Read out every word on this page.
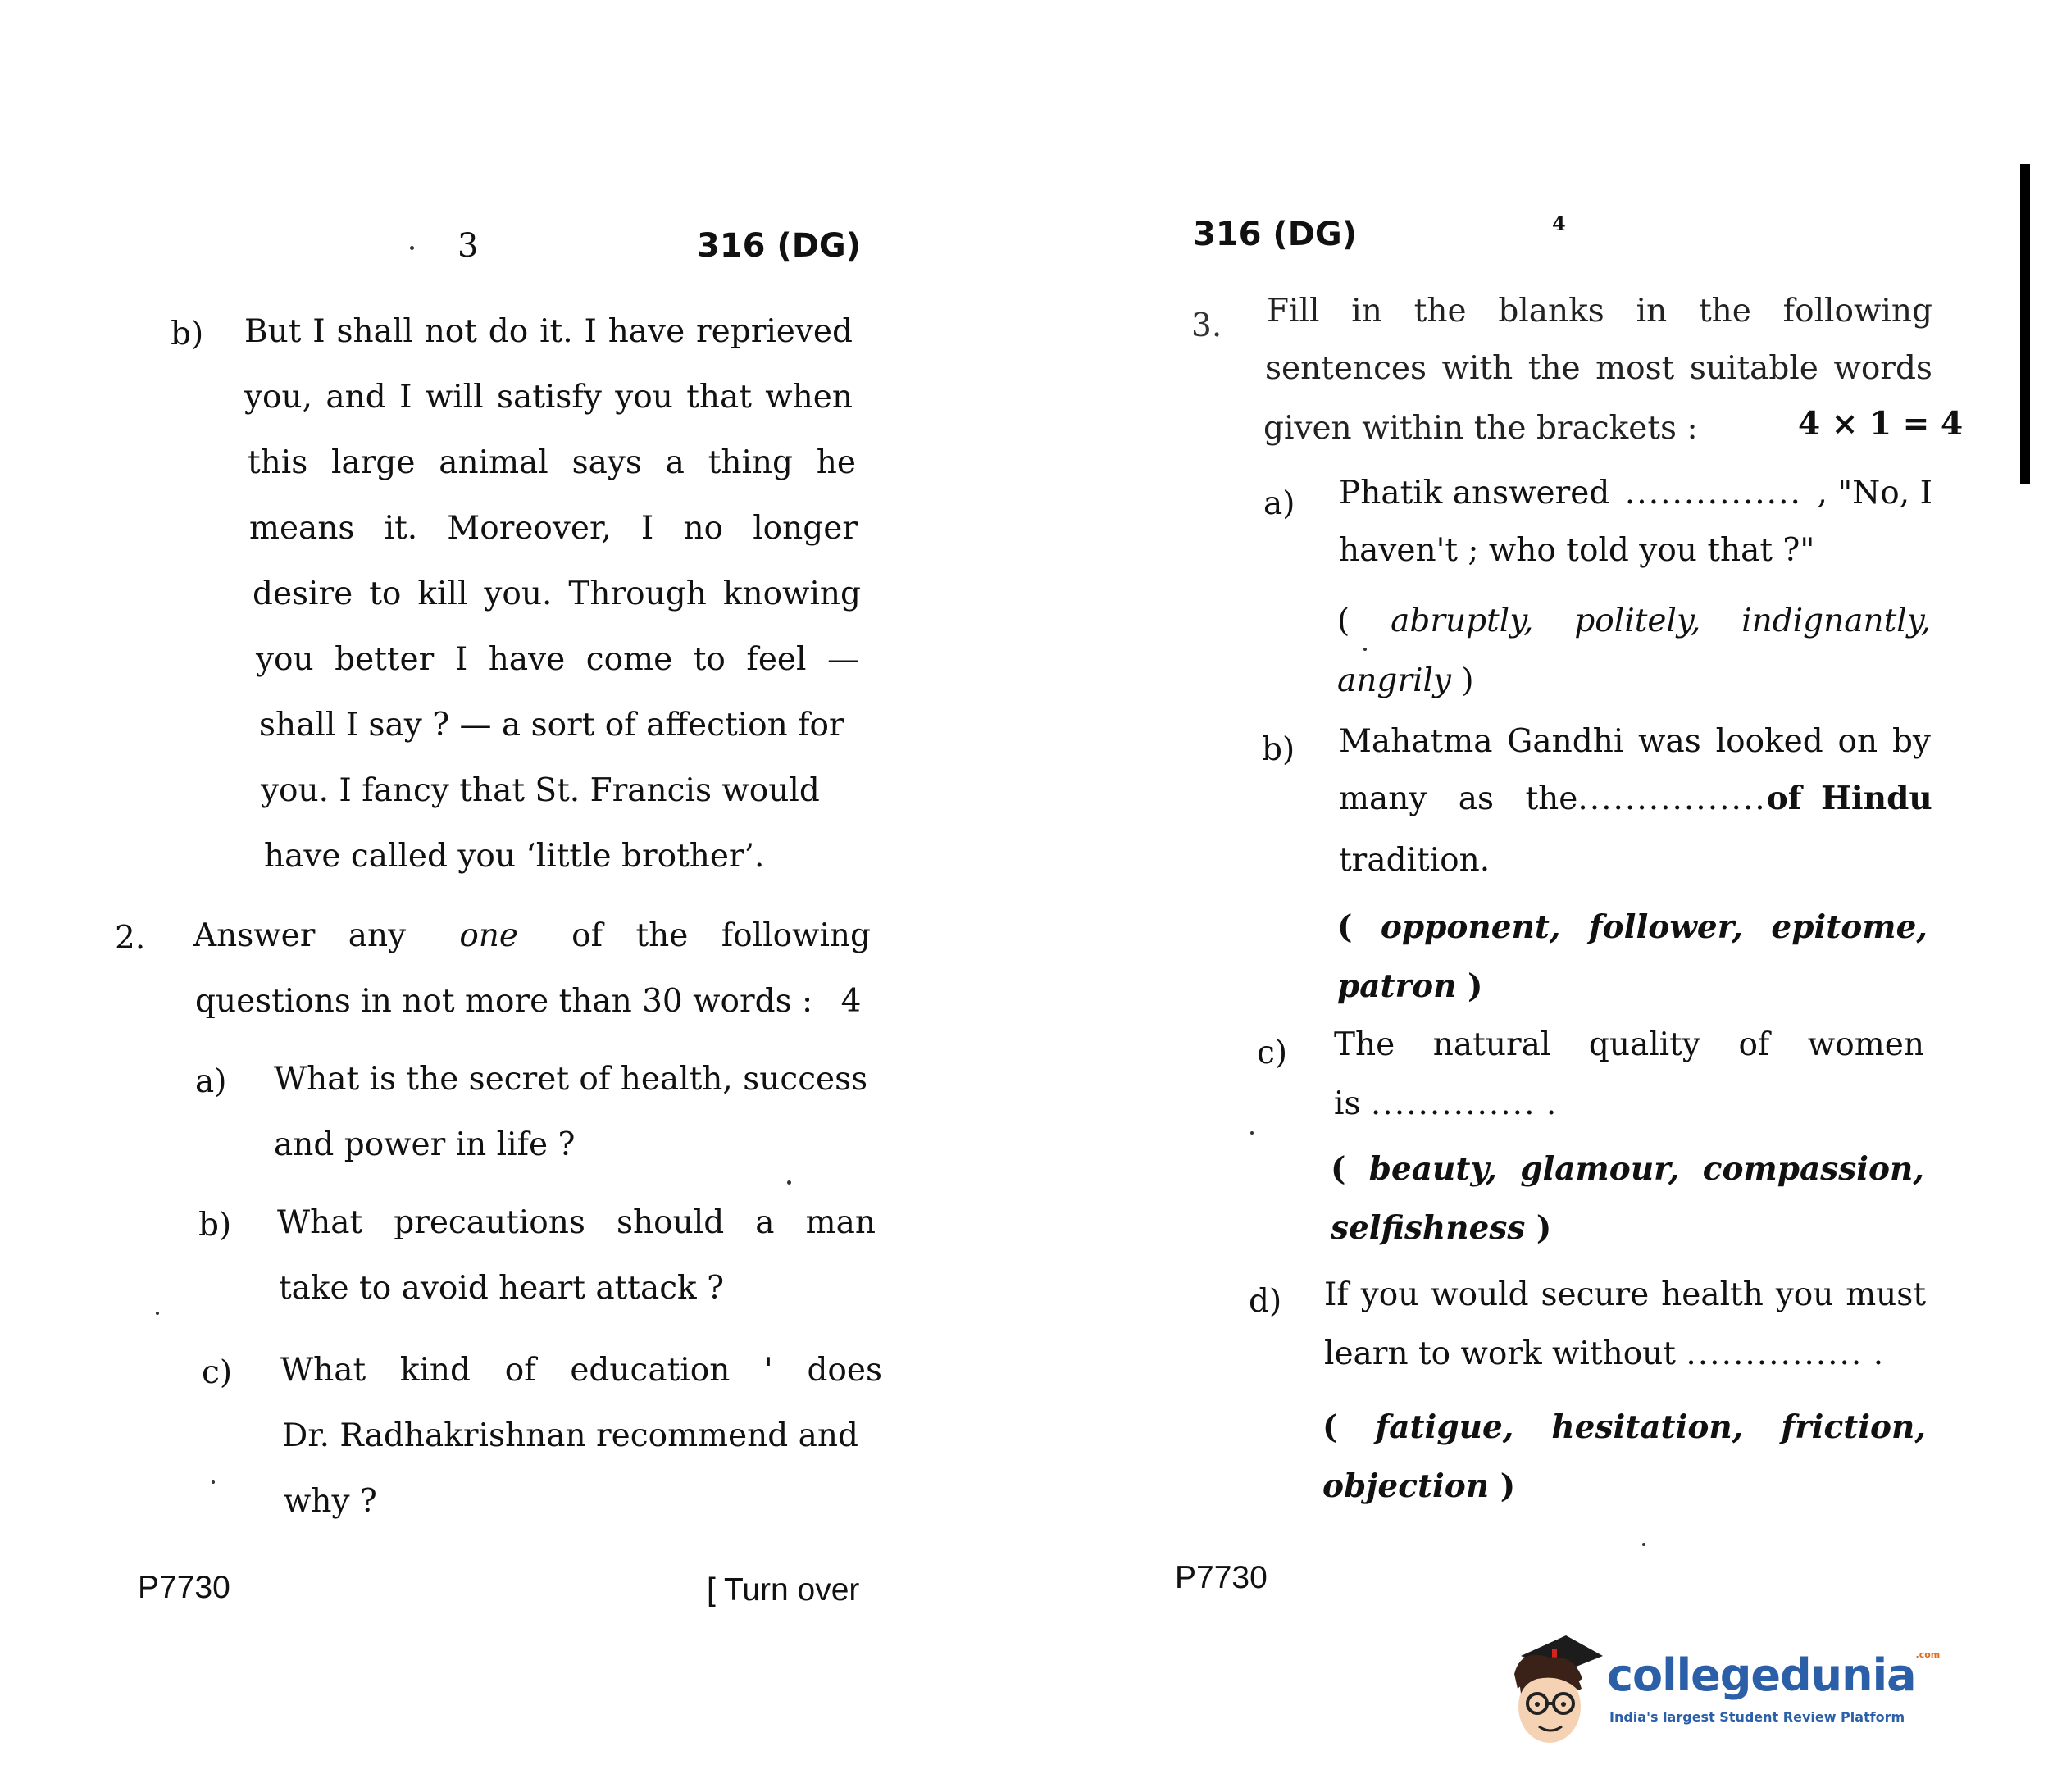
3	316 (DG)
b) But I shall not do it. I have reprieved
you, and I will satisfy you that when
this large animal says a thing he
means it. Moreover, I no longer
desire to kill you. Through knowing
you better I have come to feel —
shall I say ? — a sort of affection for
you. I fancy that St. Francis would
have called you ‘little brother’.
2. Answer any one of the following
questions in not more than 30 words : 4
a) What is the secret of health, success
and power in life ?
b) What precautions should a man
take to avoid heart attack ?
c) What kind of education ' does
Dr. Radhakrishnan recommend and
why ?
P7730	[ Turn over
316 (DG)	4
3. Fill in the blanks in the following
sentences with the most suitable words
given within the brackets :	4 × 1 = 4
a) Phatik answered ............... , "No, I
haven't ; who told you that ?"
( abruptly, politely, indignantly,
angrily )
b) Mahatma Gandhi was looked on by
many as the ................ of Hindu
tradition.
( opponent, follower, epitome,
patron )
c) The natural quality of women
is .............. .
( beauty, glamour, compassion,
selfishness )
d) If you would secure health you must
learn to work without ............... .
( fatigue, hesitation, friction,
objection )
P7730
collegedunia$^{.com}$
India's largest Student Review Platform
